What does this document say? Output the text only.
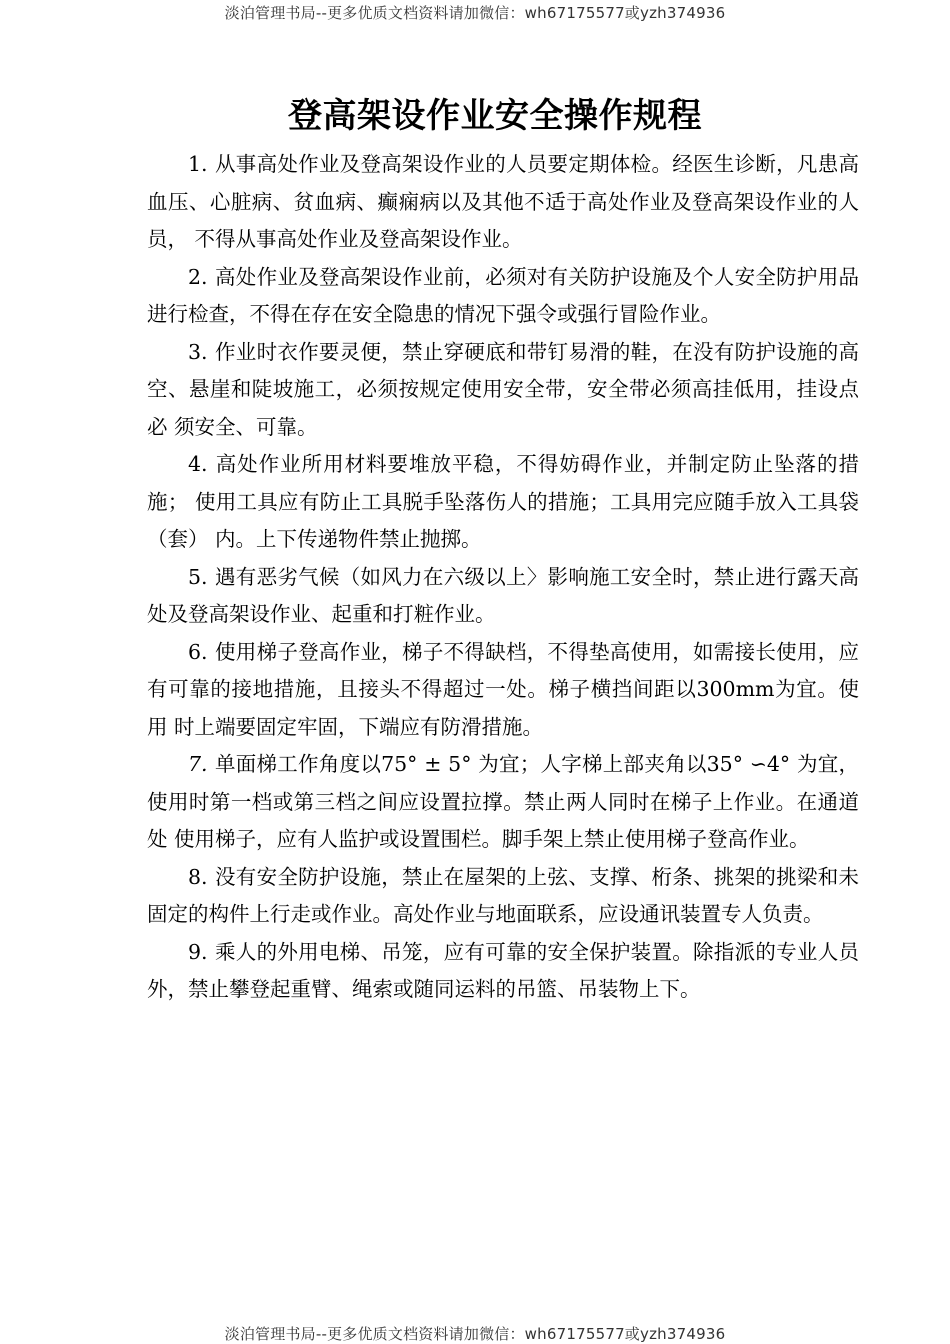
淡泊管理书局--更多优质文档资料请加微信：wh67175577或yzh374936
登高架设作业安全操作规程

1. 从事高处作业及登高架设作业的人员要定期体检。经医生诊断，凡患高 血压、心脏病、贫血病、癫痫病以及其他不适于高处作业及登高架设作业的人员， 不得从事高处作业及登高架设作业。

2. 高处作业及登高架设作业前，必须对有关防护设施及个人安全防护用品 进行检查，不得在存在安全隐患的情况下强令或强行冒险作业。

3. 作业时衣作要灵便，禁止穿硬底和带钉易滑的鞋，在没有防护设施的高 空、悬崖和陡坡施工，必须按规定使用安全带，安全带必须高挂低用，挂设点必 须安全、可靠。

4. 高处作业所用材料要堆放平稳，不得妨碍作业，并制定防止坠落的措施； 使用工具应有防止工具脱手坠落伤人的措施；工具用完应随手放入工具袋（套） 内。上下传递物件禁止抛掷。

5. 遇有恶劣气候（如风力在六级以上〉影响施工安全时，禁止进行露天高 处及登高架设作业、起重和打粧作业。

6. 使用梯子登高作业，梯子不得缺档，不得垫高使用，如需接长使用，应 有可靠的接地措施，且接头不得超过一处。梯子横挡间距以300mm为宜。使用 时上端要固定牢固，下端应有防滑措施。

7. 单面梯工作角度以75° ± 5° 为宜；人字梯上部夹角以35° ∽4° 为宜， 使用时第一档或第三档之间应设置拉撑。禁止两人同时在梯子上作业。在通道处 使用梯子，应有人监护或设置围栏。脚手架上禁止使用梯子登高作业。

8. 没有安全防护设施，禁止在屋架的上弦、支撑、桁条、挑架的挑梁和未 固定的构件上行走或作业。高处作业与地面联系，应设通讯装置专人负责。

9. 乘人的外用电梯、吊笼，应有可靠的安全保护装置。除指派的专业人员 外，禁止攀登起重臂、绳索或随同运料的吊篮、吊装物上下。

淡泊管理书局--更多优质文档资料请加微信：wh67175577或yzh374936
